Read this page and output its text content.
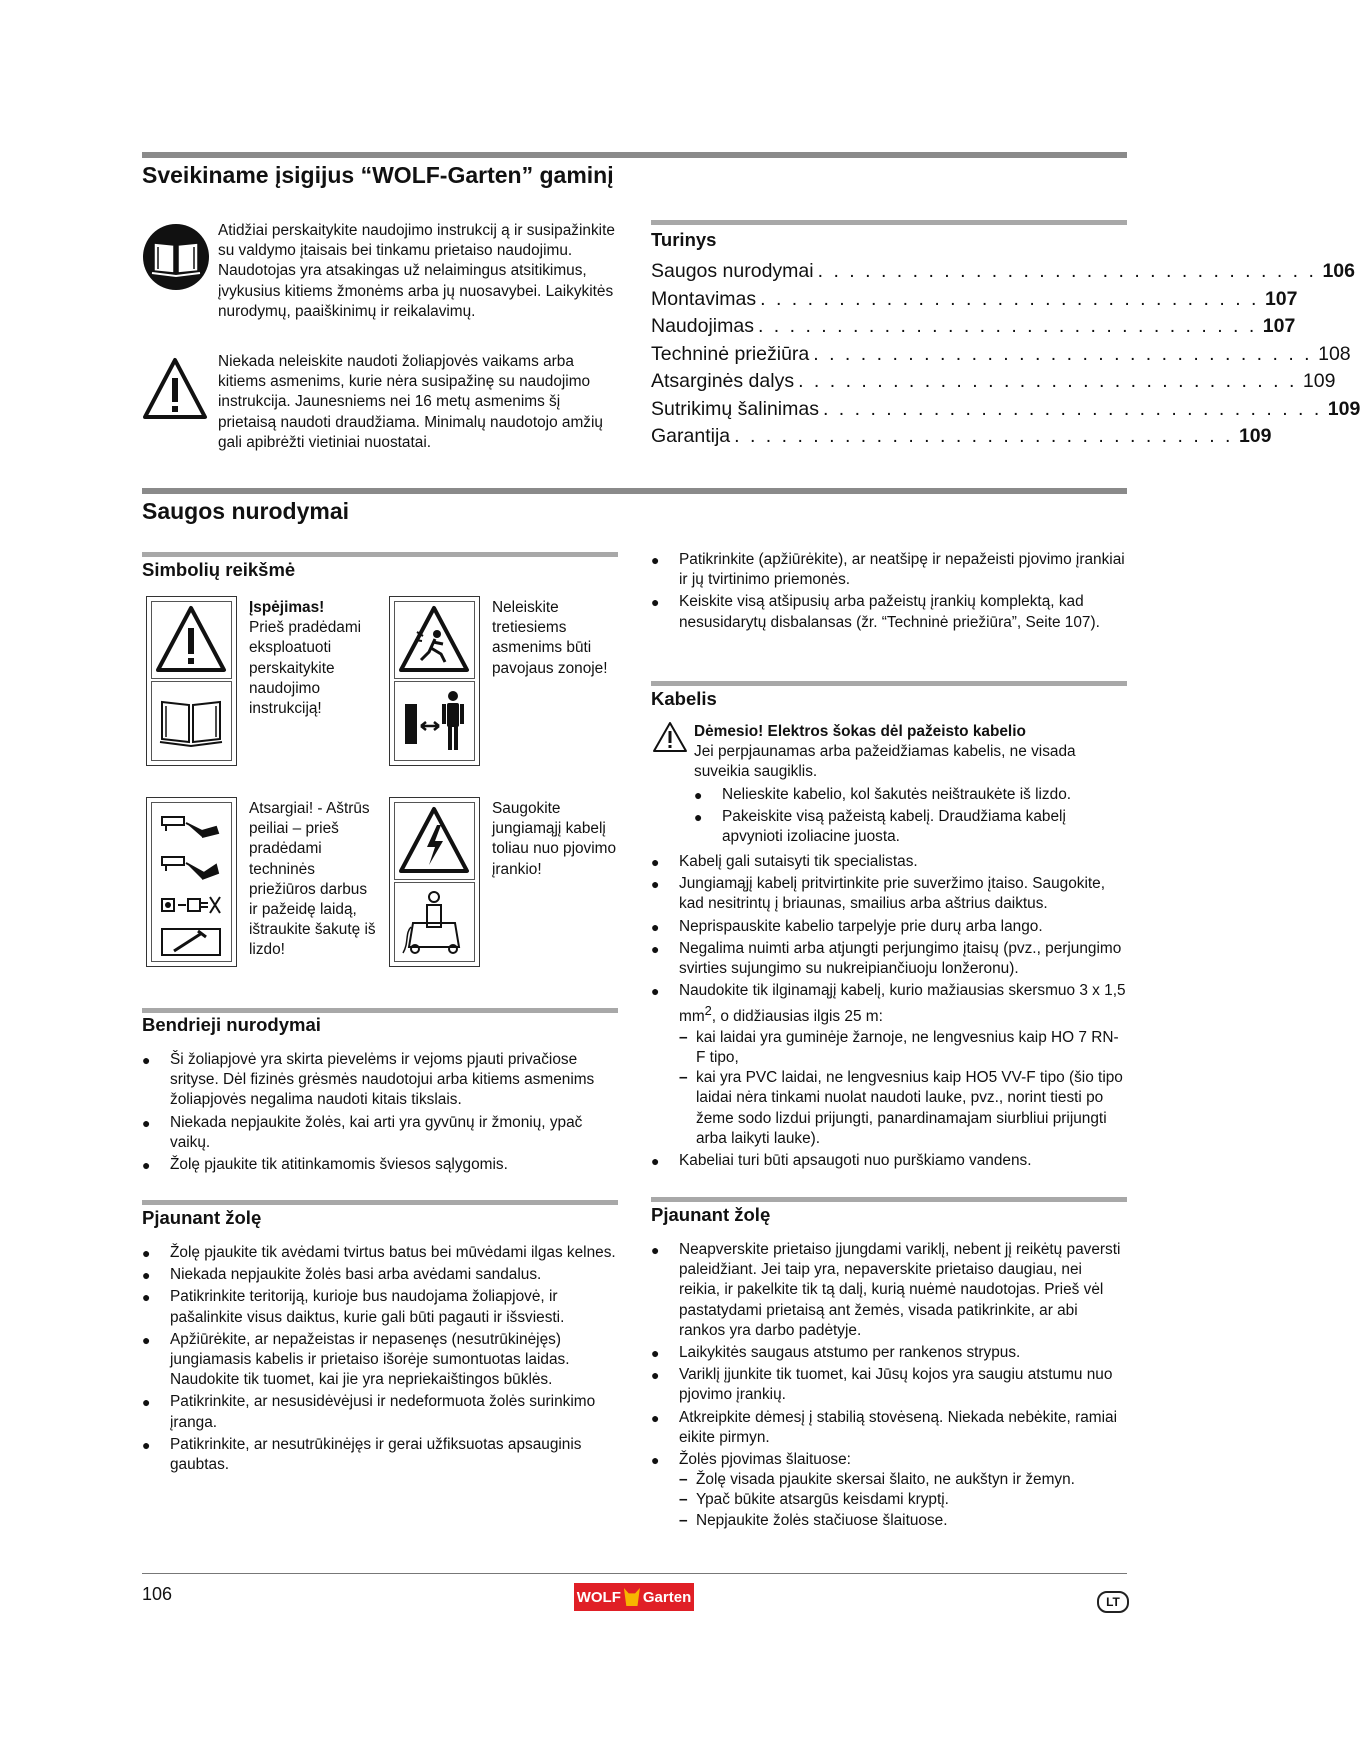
Sveikiname įsigijus “WOLF-Garten” gaminį
Atidžiai perskaitykite naudojimo instrukcij ą ir susipažinkite su valdymo įtaisais bei tinkamu prietaiso naudojimu. Naudotojas yra atsakingas už nelaimingus atsitikimus, įvykusius kitiems žmonėms arba jų nuosavybei. Laikykitės nurodymų, paaiškinimų ir reikalavimų.
Niekada neleiskite naudoti žoliapjovės vaikams arba kitiems asmenims, kurie nėra susipažinę su naudojimo instrukcija. Jaunesniems nei 16 metų asmenims šį prietaisą naudoti draudžiama. Minimalų naudotojo amžių gali apibrėžti vietiniai nuostatai.
Turinys
Saugos nurodymai . . . . . . . . . . . . . . . . . . . . . . . . . . . . . . . . 106
Montavimas . . . . . . . . . . . . . . . . . . . . . . . . . . . . . . . . 107
Naudojimas . . . . . . . . . . . . . . . . . . . . . . . . . . . . . . . . 107
Techninė priežiūra . . . . . . . . . . . . . . . . . . . . . . . . . . . . . . . . 108
Atsarginės dalys . . . . . . . . . . . . . . . . . . . . . . . . . . . . . . . . 109
Sutrikimų šalinimas . . . . . . . . . . . . . . . . . . . . . . . . . . . . . . . . 109
Garantija . . . . . . . . . . . . . . . . . . . . . . . . . . . . . . . . 109
Saugos nurodymai
Simbolių reikšmė
Įspėjimas!
Prieš pradėdami eksploatuoti perskaitykite naudojimo instrukciją!
Neleiskite tretiesiems asmenims būti pavojaus zonoje!
Atsargiai! - Aštrūs peiliai – prieš pradėdami techninės priežiūros darbus ir pažeidę laidą, ištraukite šakutę iš lizdo!
Saugokite jungiamąjį kabelį toliau nuo pjovimo įrankio!
Bendrieji nurodymai
● Ši žoliapjovė yra skirta pievelėms ir vejoms pjauti privačiose srityse. Dėl fizinės grėsmės naudotojui arba kitiems asmenims žoliapjovės negalima naudoti kitais tikslais.
● Niekada nepjaukite žolės, kai arti yra gyvūnų ir žmonių, ypač vaikų.
● Žolę pjaukite tik atitinkamomis šviesos sąlygomis.
Pjaunant žolę
● Žolę pjaukite tik avėdami tvirtus batus bei mūvėdami ilgas kelnes.
● Niekada nepjaukite žolės basi arba avėdami sandalus.
● Patikrinkite teritoriją, kurioje bus naudojama žoliapjovė, ir pašalinkite visus daiktus, kurie gali būti pagauti ir išsviesti.
● Apžiūrėkite, ar nepažeistas ir nepasenęs (nesutrūkinėjęs) jungiamasis kabelis ir prietaiso išorėje sumontuotas laidas. Naudokite tik tuomet, kai jie yra nepriekaištingos būklės.
● Patikrinkite, ar nesusidėvėjusi ir nedeformuota žolės surinkimo įranga.
● Patikrinkite, ar nesutrūkinėjęs ir gerai užfiksuotas apsauginis gaubtas.
● Patikrinkite (apžiūrėkite), ar neatšipę ir nepažeisti pjovimo įrankiai ir jų tvirtinimo priemonės.
● Keiskite visą atšipusių arba pažeistų įrankių komplektą, kad nesusidarytų disbalansas (žr. “Techninė priežiūra”, Seite 107).
Kabelis
Dėmesio! Elektros šokas dėl pažeisto kabelio
Jei perpjaunamas arba pažeidžiamas kabelis, ne visada suveikia saugiklis.
● Nelieskite kabelio, kol šakutės neištraukėte iš lizdo.
● Pakeiskite visą pažeistą kabelį. Draudžiama kabelį apvynioti izoliacine juosta.
● Kabelį gali sutaisyti tik specialistas.
● Jungiamąjį kabelį pritvirtinkite prie suveržimo įtaiso. Saugokite, kad nesitrintų į briaunas, smailius arba aštrius daiktus.
● Neprispauskite kabelio tarpelyje prie durų arba lango.
● Negalima nuimti arba atjungti perjungimo įtaisų (pvz., perjungimo svirties sujungimo su nukreipiančiuoju lonžeronu).
● Naudokite tik ilginamąjį kabelį, kurio mažiausias skersmuo 3 x 1,5 $mm^2$, o didžiausias ilgis 25 m:
– kai laidai yra guminėje žarnoje, ne lengvesnius kaip HO 7 RN-F tipo,
– kai yra PVC laidai, ne lengvesnius kaip HO5 VV-F tipo (šio tipo laidai nėra tinkami nuolat naudoti lauke, pvz., norint tiesti po žeme sodo lizdui prijungti, panardinamajam siurbliui prijungti arba laikyti lauke).
● Kabeliai turi būti apsaugoti nuo purškiamo vandens.
Pjaunant žolę
● Neapverskite prietaiso įjungdami variklį, nebent jį reikėtų paversti paleidžiant. Jei taip yra, nepaverskite prietaiso daugiau, nei reikia, ir pakelkite tik tą dalį, kurią nuėmė naudotojas. Prieš vėl pastatydami prietaisą ant žemės, visada patikrinkite, ar abi rankos yra darbo padėtyje.
● Laikykitės saugaus atstumo per rankenos strypus.
● Variklį įjunkite tik tuomet, kai Jūsų kojos yra saugiu atstumu nuo pjovimo įrankių.
● Atkreipkite dėmesį į stabilią stovėseną. Niekada nebėkite, ramiai eikite pirmyn.
● Žolės pjovimas šlaituose:
– Žolę visada pjaukite skersai šlaito, ne aukštyn ir žemyn.
– Ypač būkite atsargūs keisdami kryptį.
– Nepjaukite žolės stačiuose šlaituose.
106	WOLF Garten	LT
